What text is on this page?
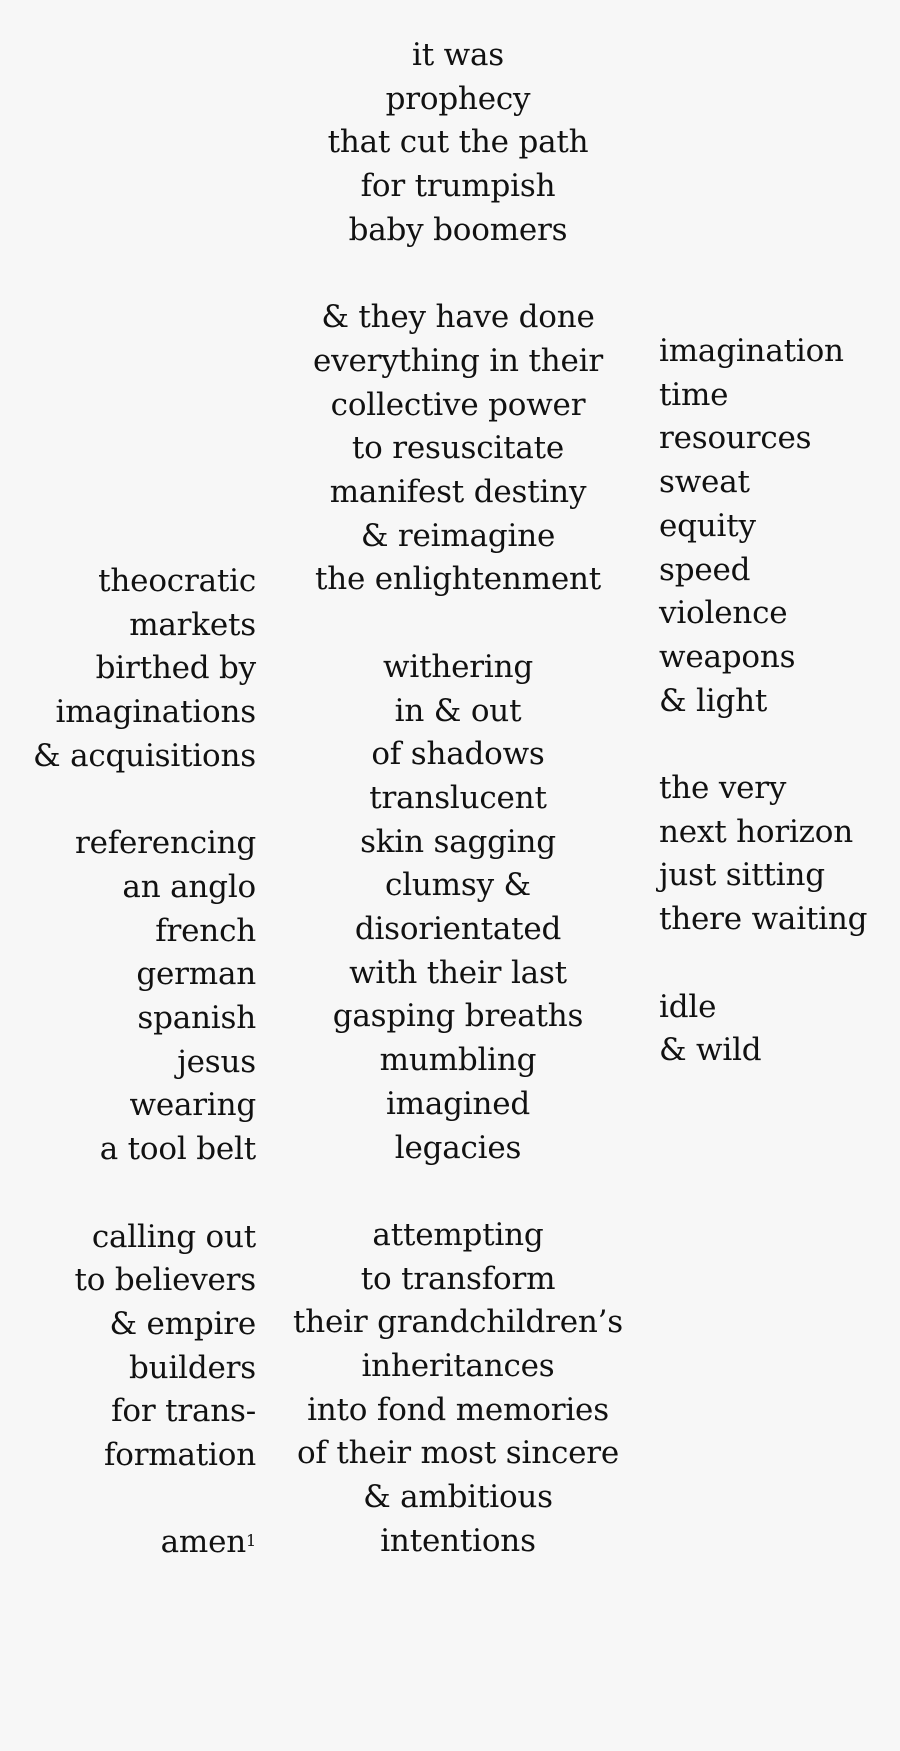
it was
prophecy
that cut the path
for trumpish
baby boomers
& they have done
everything in their
collective power
to resuscitate
manifest destiny
& reimagine
the enlightenment
withering
in & out
of shadows
translucent
skin sagging
clumsy &
disorientated
with their last
gasping breaths
mumbling
imagined
legacies
attempting
to transform
their grandchildren’s
inheritances
into fond memories
of their most sincere
& ambitious
intentions
theocratic
markets
birthed by
imaginations
& acquisitions
referencing
an anglo
french
german
spanish
jesus
wearing
a tool belt
calling out
to believers
& empire
builders
for trans-
formation
amen$^1$
imagination
time
resources
sweat
equity
speed
violence
weapons
& light
the very
next horizon
just sitting
there waiting
idle
& wild
